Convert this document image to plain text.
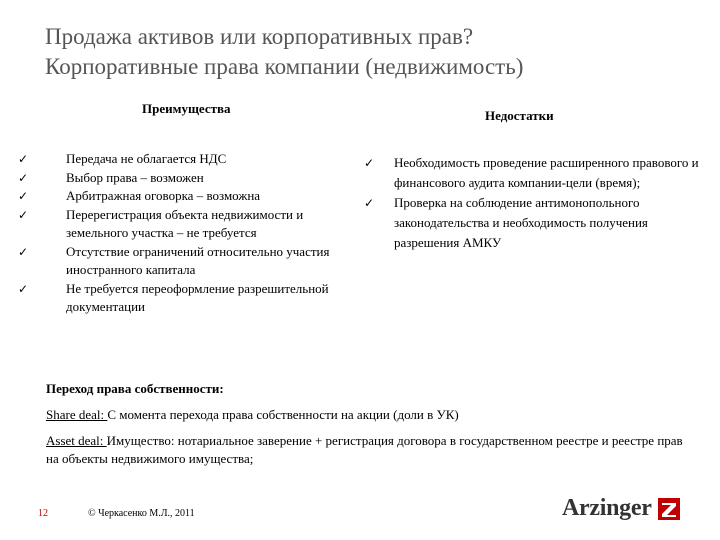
Продажа активов или корпоративных прав?
Корпоративные права компании (недвижимость)
Преимущества	Недостатки
✓	Передача не облагается НДС
✓	Выбор права – возможен
✓	Арбитражная оговорка – возможна
✓	Перерегистрация объекта недвижимости и земельного участка – не требуется
✓	Отсутствие ограничений относительно участия иностранного капитала
✓	Не требуется переоформление разрешительной документации
✓ Необходимость проведение расширенного правового и финансового аудита компании-цели (время);
✓ Проверка на соблюдение антимонопольного законодательства и необходимость получения разрешения АМКУ
Переход права собственности:

Share deal: С момента перехода права собственности на акции (доли в УК)

Asset deal: Имущество: нотариальное заверение + регистрация договора в государственном реестре и реестре прав на объекты недвижимого имущества;

12	© Черкасенко М.Л., 2011	Arzinger
